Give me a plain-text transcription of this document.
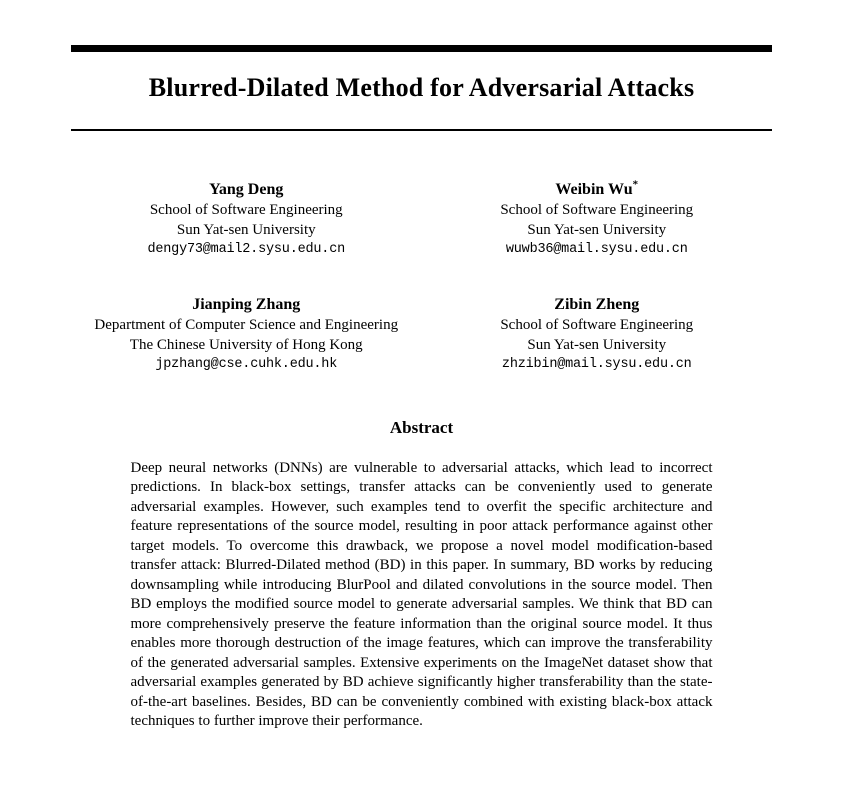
Blurred-Dilated Method for Adversarial Attacks
Yang Deng
School of Software Engineering
Sun Yat-sen University
dengy73@mail2.sysu.edu.cn
Weibin Wu*
School of Software Engineering
Sun Yat-sen University
wuwb36@mail.sysu.edu.cn
Jianping Zhang
Department of Computer Science and Engineering
The Chinese University of Hong Kong
jpzhang@cse.cuhk.edu.hk
Zibin Zheng
School of Software Engineering
Sun Yat-sen University
zhzibin@mail.sysu.edu.cn
Abstract

Deep neural networks (DNNs) are vulnerable to adversarial attacks, which lead to incorrect predictions. In black-box settings, transfer attacks can be conveniently used to generate adversarial examples. However, such examples tend to overfit the specific architecture and feature representations of the source model, resulting in poor attack performance against other target models. To overcome this drawback, we propose a novel model modification-based transfer attack: Blurred-Dilated method (BD) in this paper. In summary, BD works by reducing downsampling while introducing BlurPool and dilated convolutions in the source model. Then BD employs the modified source model to generate adversarial samples. We think that BD can more comprehensively preserve the feature information than the original source model. It thus enables more thorough destruction of the image features, which can improve the transferability of the generated adversarial samples. Extensive experiments on the ImageNet dataset show that adversarial examples generated by BD achieve significantly higher transferability than the state-of-the-art baselines. Besides, BD can be conveniently combined with existing black-box attack techniques to further improve their performance.
